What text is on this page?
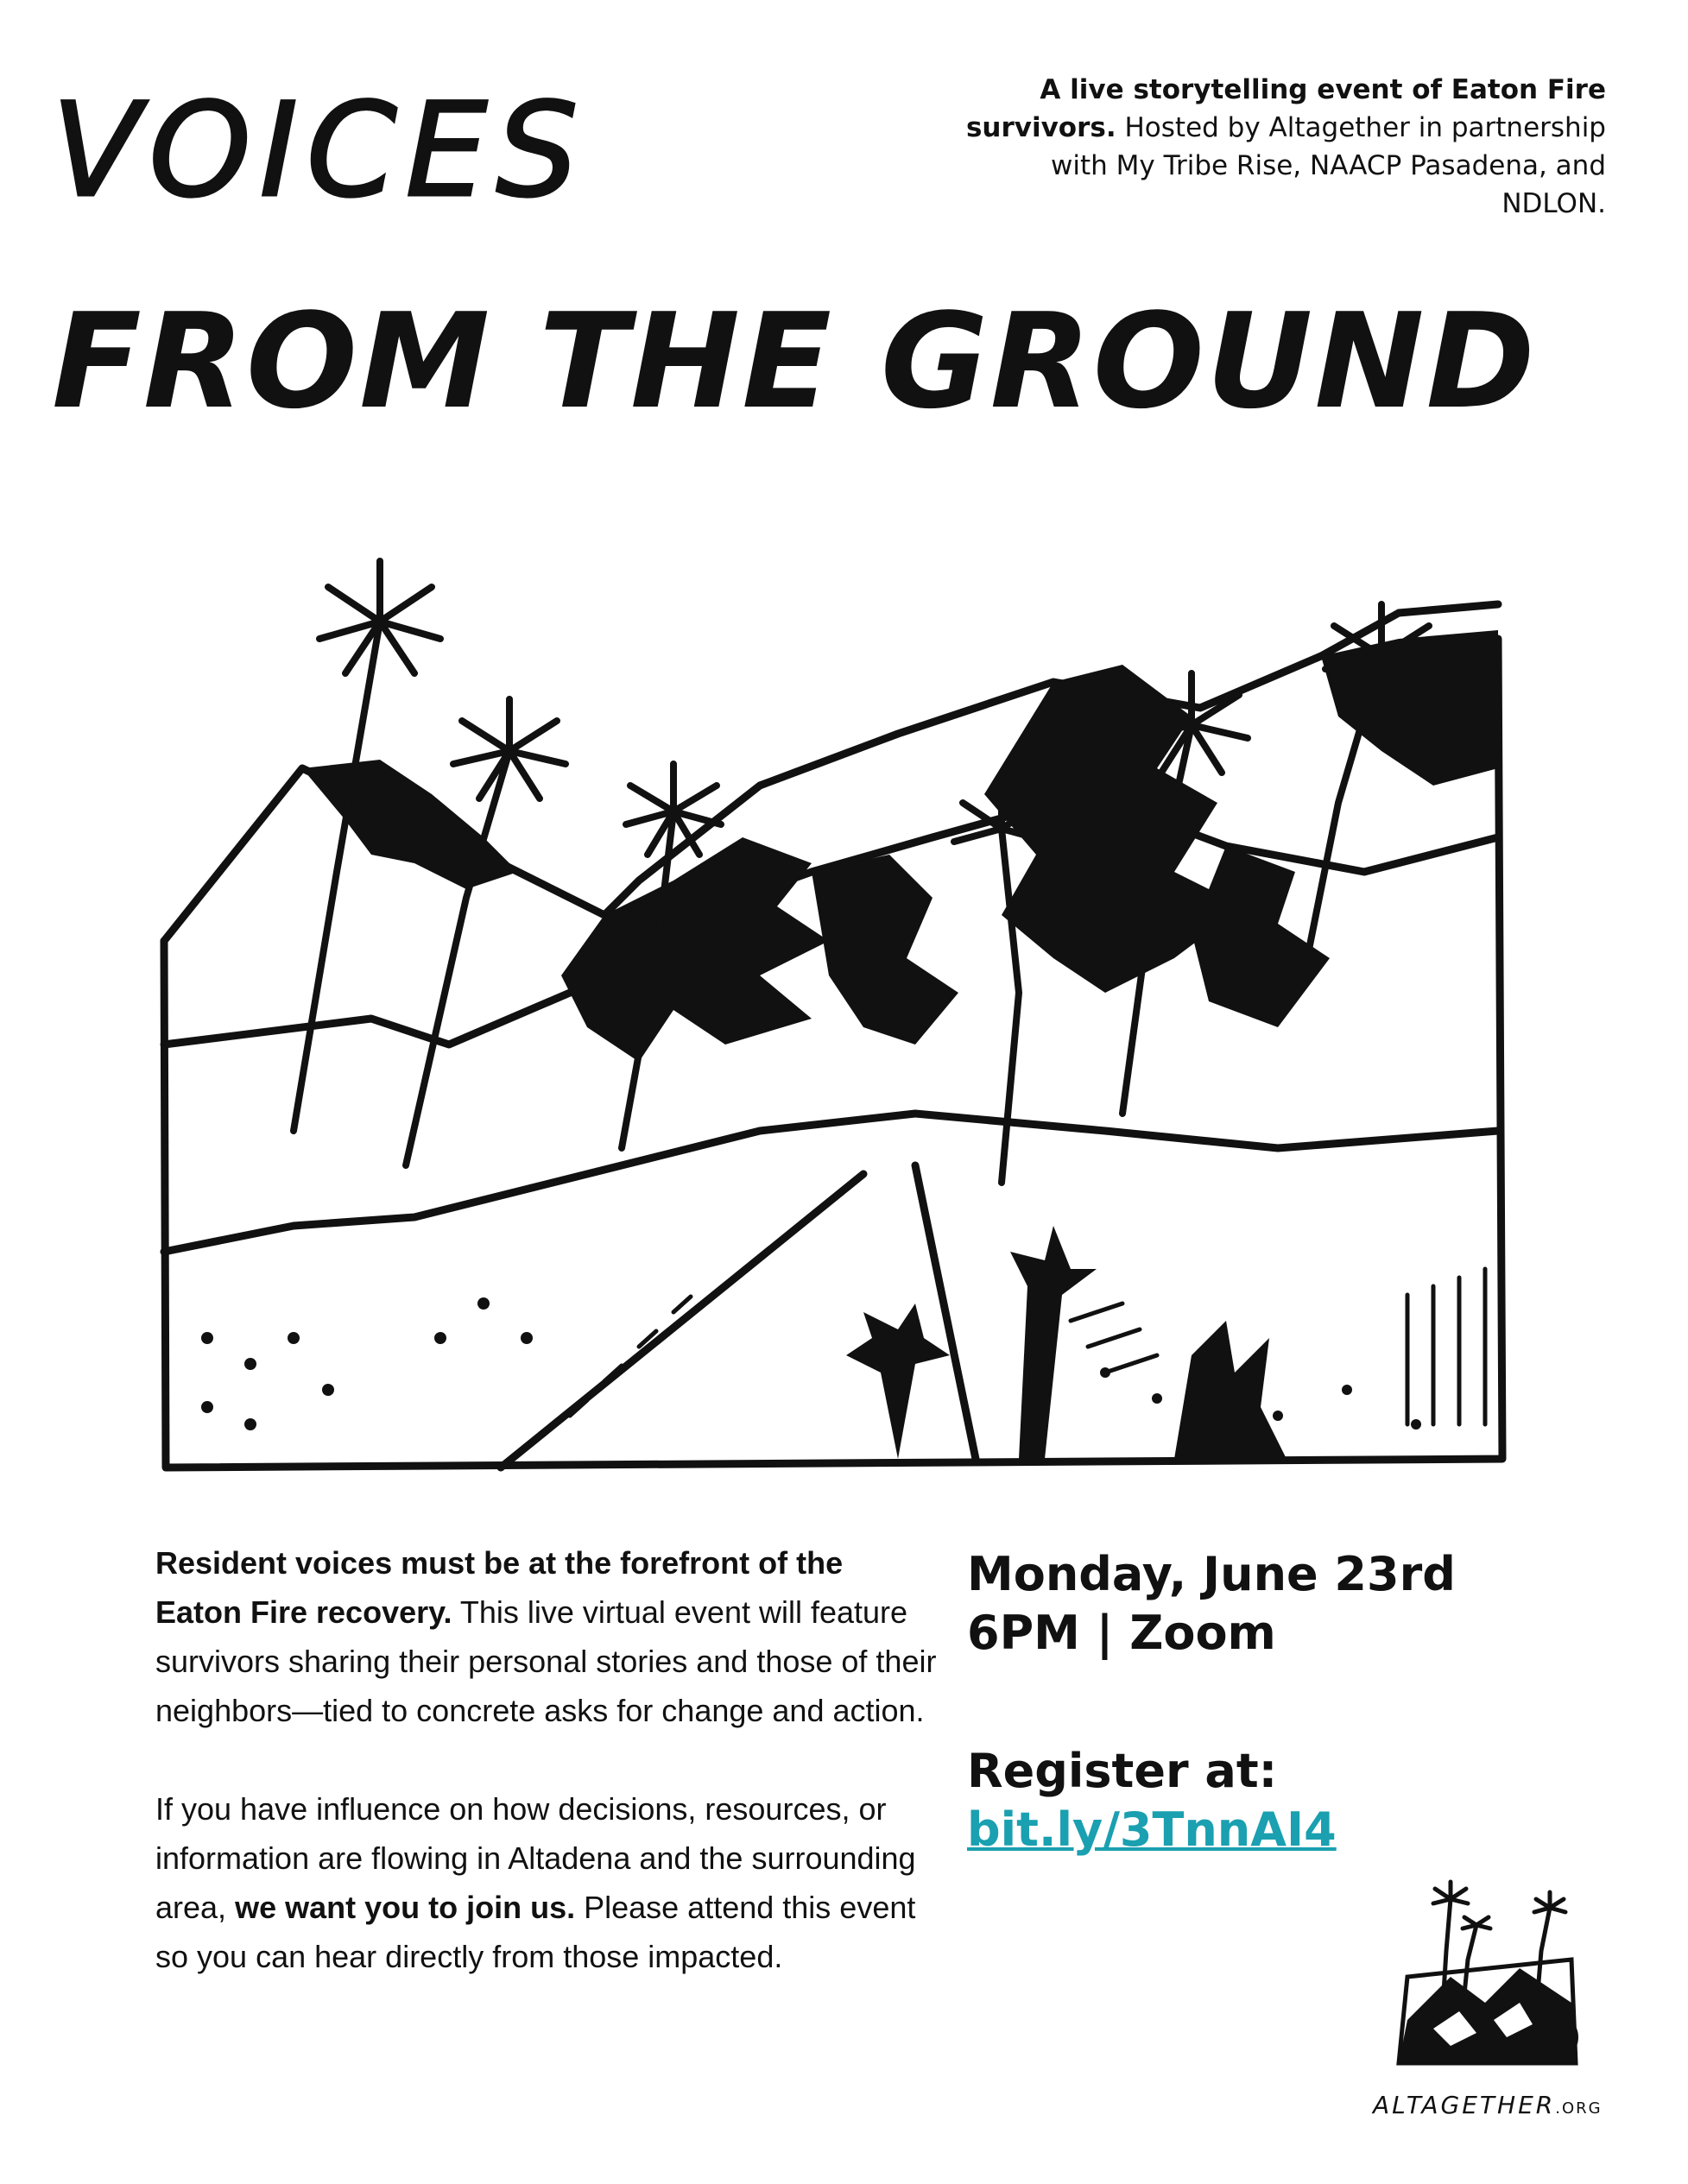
VOICES
FROM THE GROUND
A live storytelling event of Eaton Fire survivors. Hosted by Altagether in partnership with My Tribe Rise, NAACP Pasadena, and NDLON.

Resident voices must be at the forefront of the Eaton Fire recovery. This live virtual event will feature survivors sharing their personal stories and those of their neighbors—tied to concrete asks for change and action.

If you have influence on how decisions, resources, or information are flowing in Altadena and the surrounding area, we want you to join us. Please attend this event so you can hear directly from those impacted.

Monday, June 23rd
6PM | Zoom
Register at:
bit.ly/3TnnAI4
ALTAGETHER.ORG
